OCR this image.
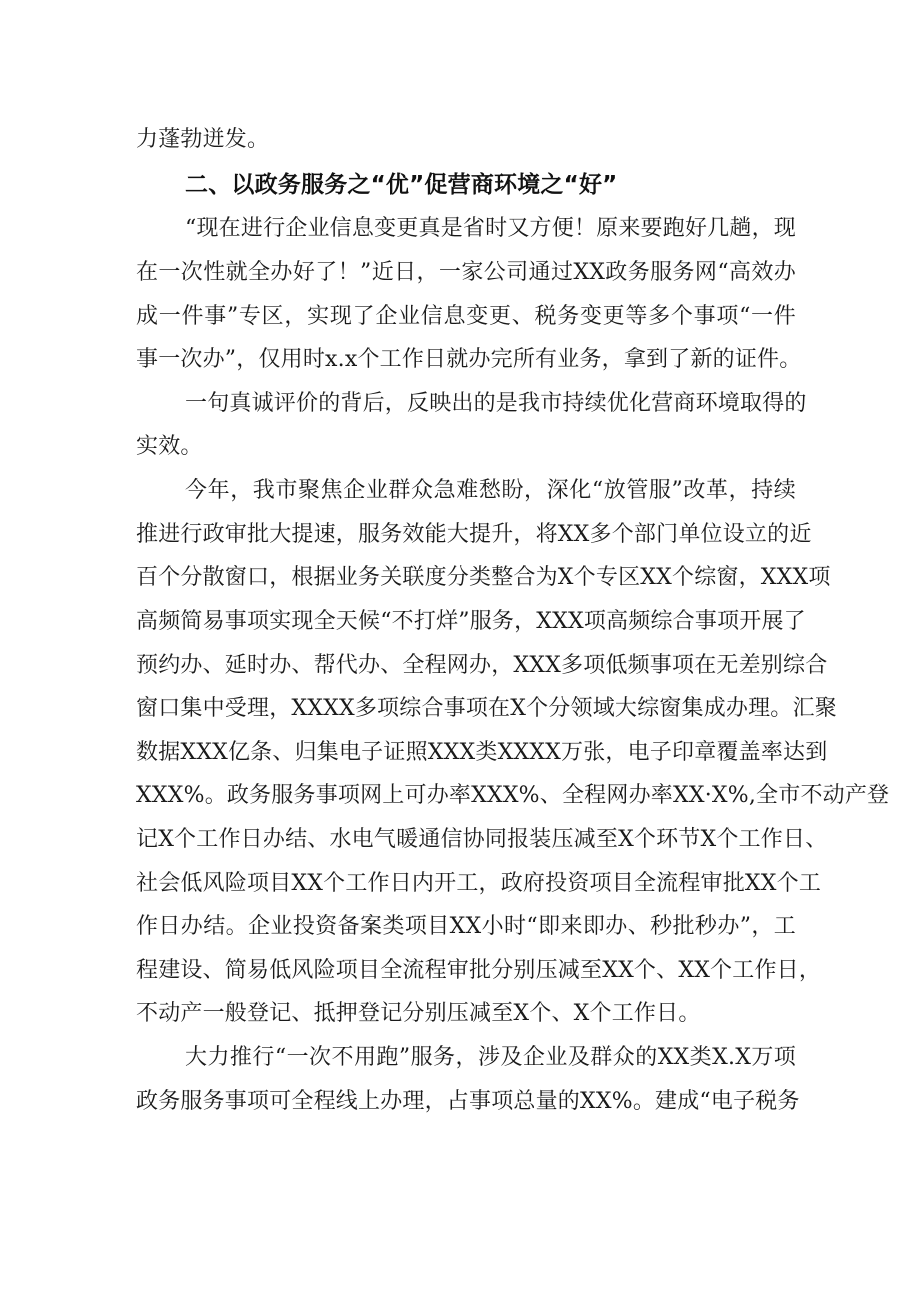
力蓬勃迸发。
二、以政务服务之“优”促营商环境之“好”
“现在进行企业信息变更真是省时又方便！原来要跑好几趟，现
在一次性就全办好了！”近日，一家公司通过XX政务服务网“高效办
成一件事”专区，实现了企业信息变更、税务变更等多个事项“一件
事一次办”，仅用时x.x个工作日就办完所有业务，拿到了新的证件。
一句真诚评价的背后，反映出的是我市持续优化营商环境取得的
实效。
今年，我市聚焦企业群众急难愁盼，深化“放管服”改革，持续
推进行政审批大提速，服务效能大提升，将XX多个部门单位设立的近
百个分散窗口，根据业务关联度分类整合为X个专区XX个综窗，XXX项
高频简易事项实现全天候“不打烊”服务，XXX项高频综合事项开展了
预约办、延时办、帮代办、全程网办，XXX多项低频事项在无差别综合
窗口集中受理，XXXX多项综合事项在X个分领域大综窗集成办理。汇聚
数据XXX亿条、归集电子证照XXX类XXXX万张，电子印章覆盖率达到
XXX%。政务服务事项网上可办率XXX%、全程网办率XX·X%,全市不动产登
记X个工作日办结、水电气暖通信协同报装压减至X个环节X个工作日、
社会低风险项目XX个工作日内开工，政府投资项目全流程审批XX个工
作日办结。企业投资备案类项目XX小时“即来即办、秒批秒办”，工
程建设、简易低风险项目全流程审批分别压减至XX个、XX个工作日，
不动产一般登记、抵押登记分别压减至X个、X个工作日。
大力推行“一次不用跑”服务，涉及企业及群众的XX类X.X万项
政务服务事项可全程线上办理，占事项总量的XX%。建成“电子税务
